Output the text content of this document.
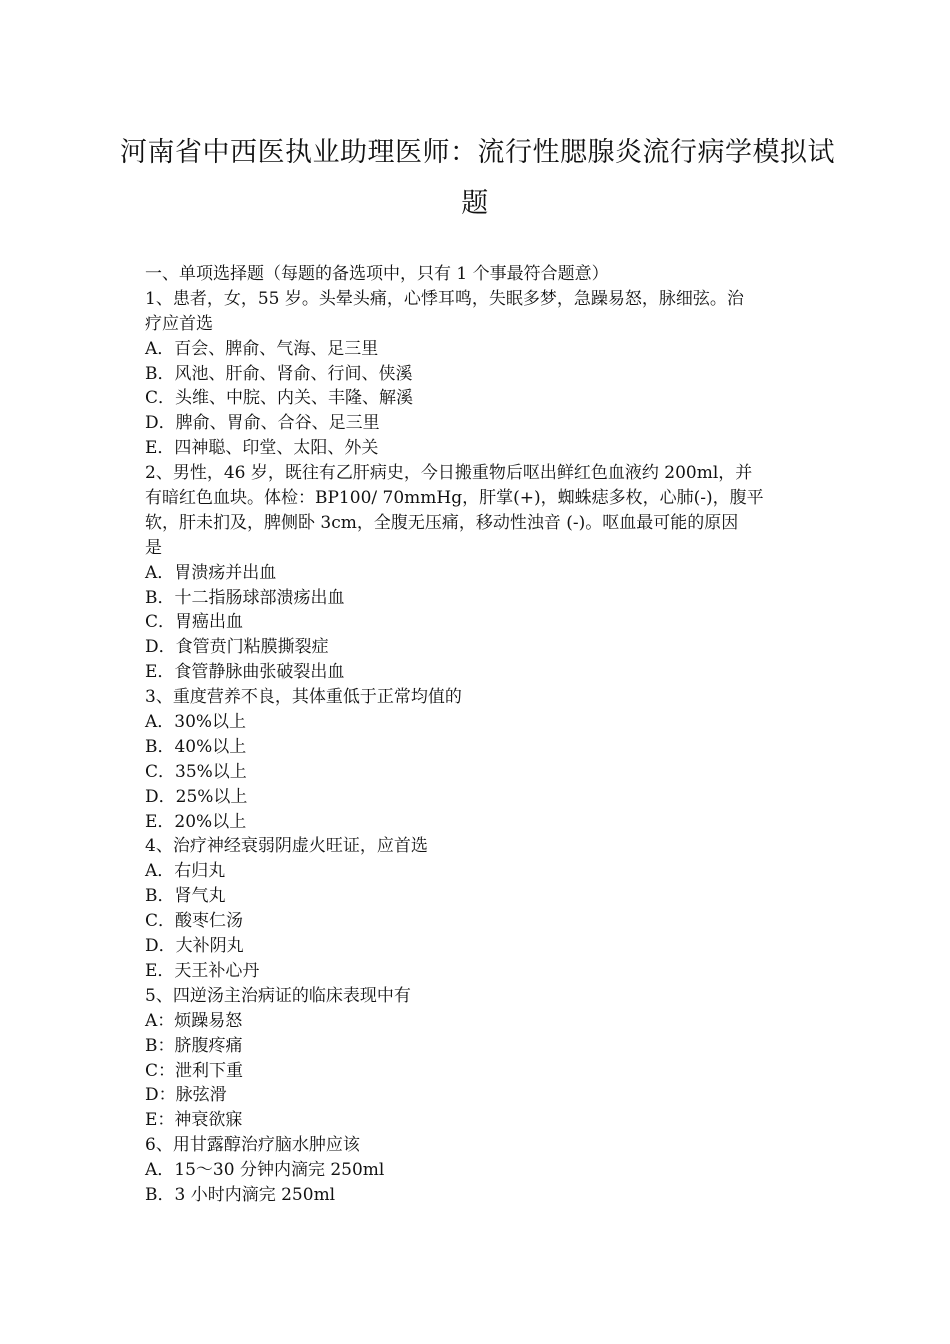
河南省中西医执业助理医师：流行性腮腺炎流行病学模拟试
题
一、单项选择题（每题的备选项中，只有 1 个事最符合题意）
1、患者，女，55 岁。头晕头痛，心悸耳鸣，失眠多梦，急躁易怒，脉细弦。治
疗应首选
A．百会、脾俞、气海、足三里
B．风池、肝俞、肾俞、行间、侠溪
C．头维、中脘、内关、丰隆、解溪
D．脾俞、胃俞、合谷、足三里
E．四神聪、印堂、太阳、外关
2、男性，46 岁，既往有乙肝病史，今日搬重物后呕出鲜红色血液约 200ml，并
有暗红色血块。体检：BP100/ 70mmHg，肝掌(+)，蜘蛛痣多枚，心肺(-)，腹平
软，肝未扪及，脾侧卧 3cm，全腹无压痛，移动性浊音 (-)。呕血最可能的原因
是
A．胃溃疡并出血
B．十二指肠球部溃疡出血
C．胃癌出血
D．食管贲门粘膜撕裂症
E．食管静脉曲张破裂出血
3、重度营养不良，其体重低于正常均值的
A．30%以上
B．40%以上
C．35%以上
D．25%以上
E．20%以上
4、治疗神经衰弱阴虚火旺证，应首选
A．右归丸
B．肾气丸
C．酸枣仁汤
D．大补阴丸
E．天王补心丹
5、四逆汤主治病证的临床表现中有
A：烦躁易怒
B：脐腹疼痛
C：泄利下重
D：脉弦滑
E：神衰欲寐
6、用甘露醇治疗脑水肿应该
A．15～30 分钟内滴完 250ml
B．3 小时内滴完 250ml
